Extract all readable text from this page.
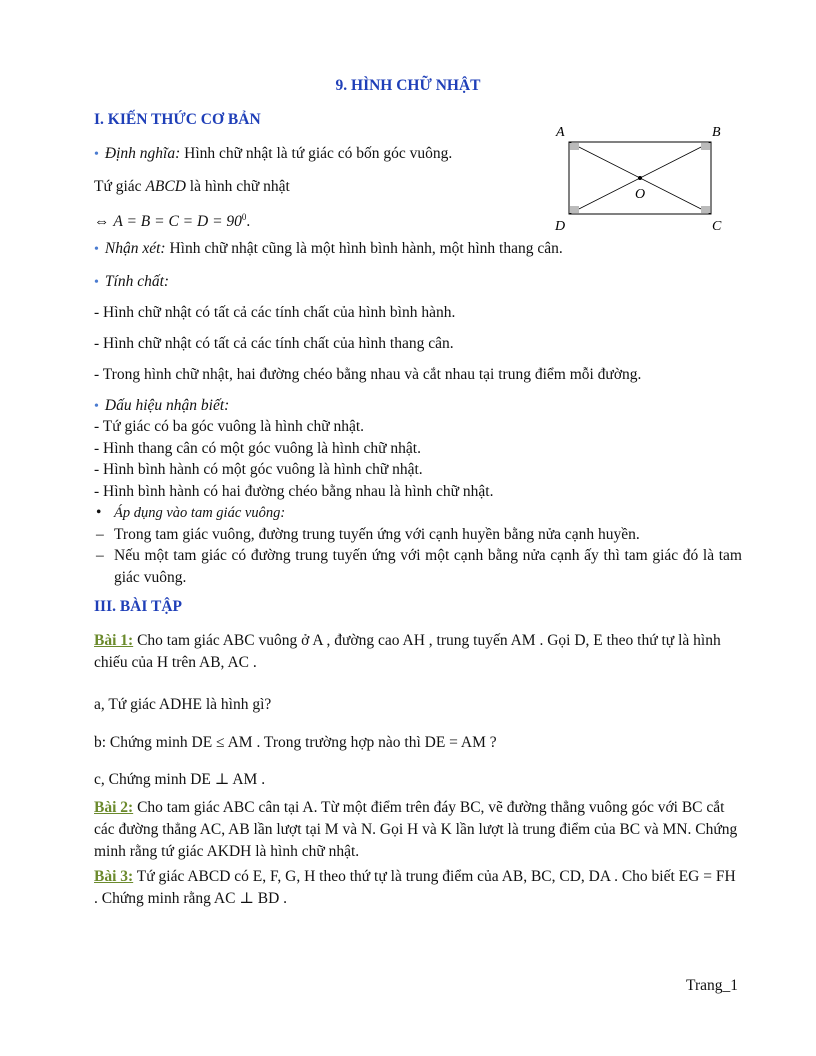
9. HÌNH CHỮ NHẬT
I. KIẾN THỨC CƠ BẢN
• Định nghĩa: Hình chữ nhật là tứ giác có bốn góc vuông.
Tứ giác ABCD là hình chữ nhật
⇔ $A = B = C = D = 90^0$.
A	B
C
D
O
• Nhận xét: Hình chữ nhật cũng là một hình bình hành, một hình thang cân.
• Tính chất:
- Hình chữ nhật có tất cả các tính chất của hình bình hành.
- Hình chữ nhật có tất cả các tính chất của hình thang cân.
- Trong hình chữ nhật, hai đường chéo bằng nhau và cắt nhau tại trung điểm mỗi đường.
• Dấu hiệu nhận biết:
- Tứ giác có ba góc vuông là hình chữ nhật.
- Hình thang cân có một góc vuông là hình chữ nhật.
- Hình bình hành có một góc vuông là hình chữ nhật.
- Hình bình hành có hai đường chéo bằng nhau là hình chữ nhật.
• Áp dụng vào tam giác vuông:
– Trong tam giác vuông, đường trung tuyến ứng với cạnh huyền bằng nửa cạnh huyền.
– Nếu một tam giác có đường trung tuyến ứng với một cạnh bằng nửa cạnh ấy thì tam giác đó là tam giác vuông.
III. BÀI TẬP
Bài 1: Cho tam giác ABC vuông ở A , đường cao AH , trung tuyến AM . Gọi D, E theo thứ tự là hình chiếu của H trên AB, AC .
a, Tứ giác ADHE là hình gì?
b: Chứng minh DE ≤ AM . Trong trường hợp nào thì DE = AM ?
c, Chứng minh DE ⊥ AM .
Bài 2: Cho tam giác ABC cân tại A. Từ một điểm trên đáy BC, vẽ đường thẳng vuông góc với BC cắt các đường thẳng AC, AB lần lượt tại M và N. Gọi H và K lần lượt là trung điểm của BC và MN. Chứng minh rằng tứ giác AKDH là hình chữ nhật.
Bài 3: Tứ giác ABCD có E, F, G, H theo thứ tự là trung điểm của AB, BC, CD, DA . Cho biết EG = FH . Chứng minh rằng AC ⊥ BD .
Trang_1
